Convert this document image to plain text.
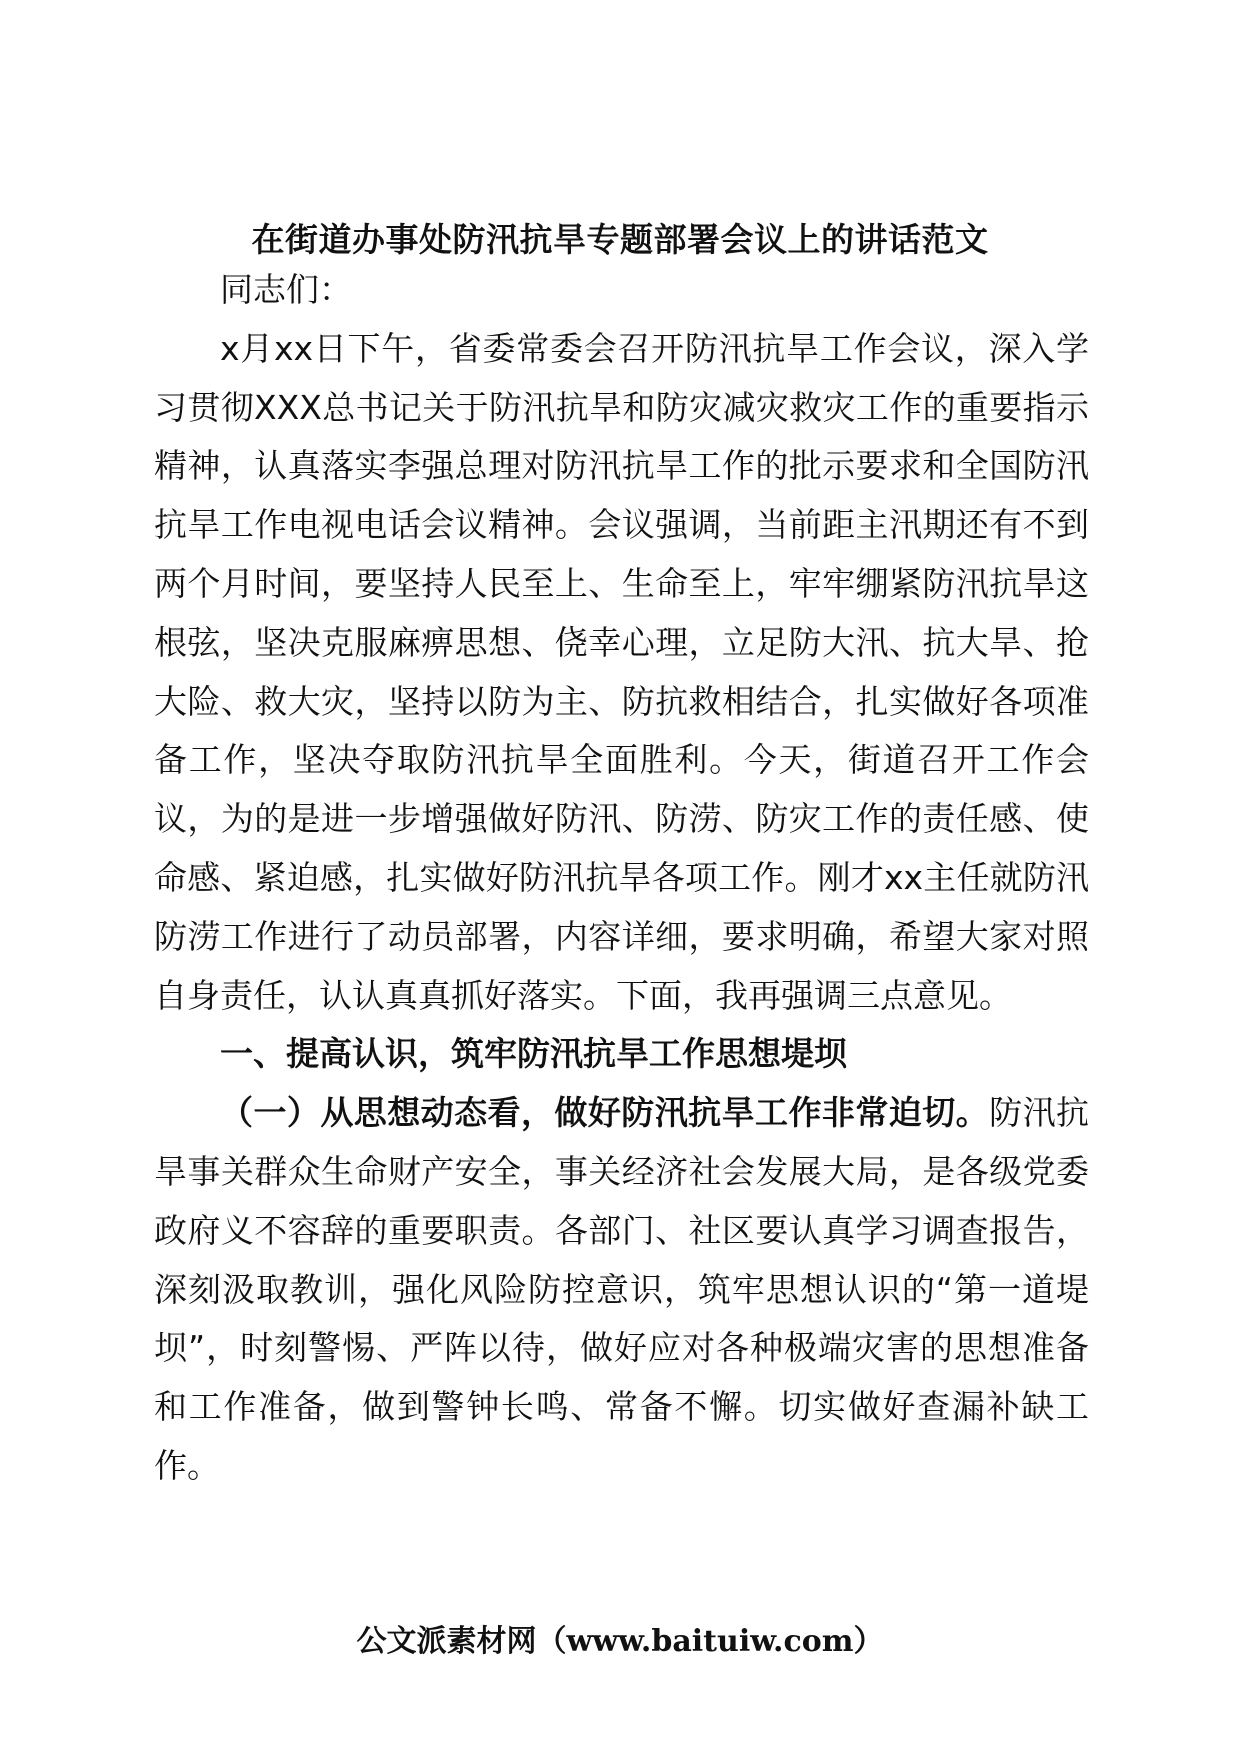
在街道办事处防汛抗旱专题部署会议上的讲话范文

同志们：

x月xx日下午，省委常委会召开防汛抗旱工作会议，深入学习贯彻XXX总书记关于防汛抗旱和防灾减灾救灾工作的重要指示精神，认真落实李强总理对防汛抗旱工作的批示要求和全国防汛抗旱工作电视电话会议精神。会议强调，当前距主汛期还有不到两个月时间，要坚持人民至上、生命至上，牢牢绷紧防汛抗旱这根弦，坚决克服麻痹思想、侥幸心理，立足防大汛、抗大旱、抢大险、救大灾，坚持以防为主、防抗救相结合，扎实做好各项准备工作，坚决夺取防汛抗旱全面胜利。今天，街道召开工作会议，为的是进一步增强做好防汛、防涝、防灾工作的责任感、使命感、紧迫感，扎实做好防汛抗旱各项工作。刚才xx主任就防汛防涝工作进行了动员部署，内容详细，要求明确，希望大家对照自身责任，认认真真抓好落实。下面，我再强调三点意见。

一、提高认识，筑牢防汛抗旱工作思想堤坝

（一）从思想动态看，做好防汛抗旱工作非常迫切。防汛抗旱事关群众生命财产安全，事关经济社会发展大局，是各级党委政府义不容辞的重要职责。各部门、社区要认真学习调查报告，深刻汲取教训，强化风险防控意识，筑牢思想认识的“第一道堤坝”，时刻警惕、严阵以待，做好应对各种极端灾害的思想准备和工作准备，做到警钟长鸣、常备不懈。切实做好查漏补缺工作。

公文派素材网（www.baituiw.com）
